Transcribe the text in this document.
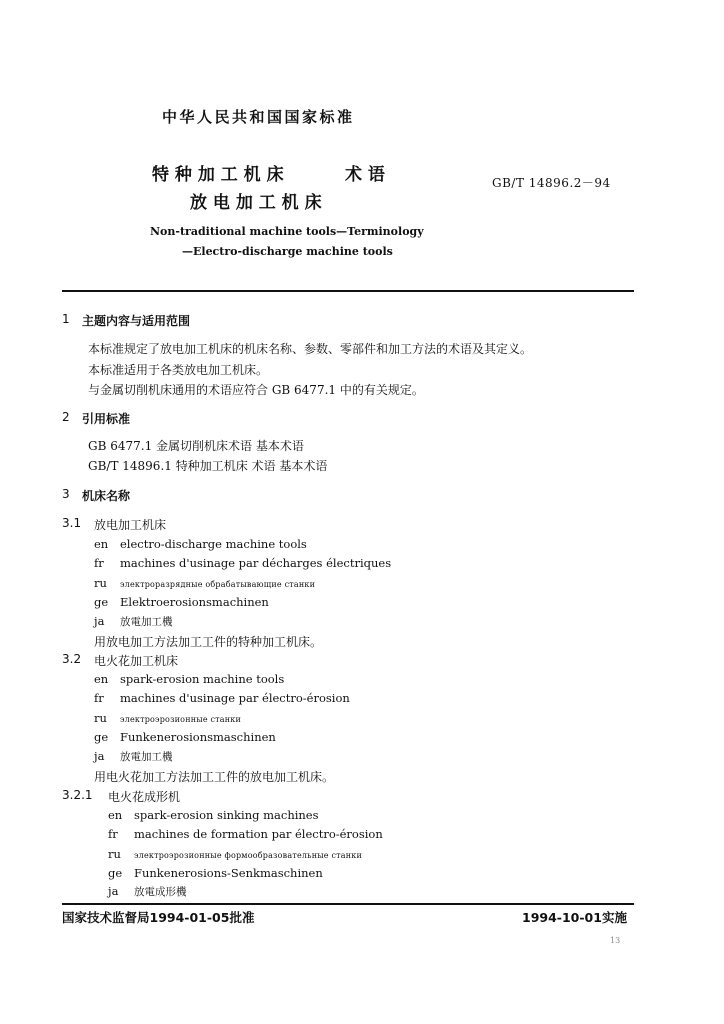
中华人民共和国国家标准
特 种 加 工 机 床	术 语
放 电 加 工 机 床
GB/T 14896.2－94
Non-traditional machine tools—Terminology
—Electro-discharge machine tools
1 主题内容与适用范围
本标准规定了放电加工机床的机床名称、参数、零部件和加工方法的术语及其定义。
本标准适用于各类放电加工机床。
与金属切削机床通用的术语应符合 GB 6477.1 中的有关规定。
2 引用标准
GB 6477.1 金属切削机床术语 基本术语
GB/T 14896.1 特种加工机床 术语 基本术语
3 机床名称
3.1 放电加工机床
en electro-discharge machine tools
fr machines d'usinage par décharges électriques
ru электроразрядные обрабатывающие станки
ge Elektroerosionsmachinen
ja 放電加工機
用放电加工方法加工工件的特种加工机床。
3.2 电火花加工机床
en spark-erosion machine tools
fr machines d'usinage par électro-érosion
ru электроэрозионные станки
ge Funkenerosionsmaschinen
ja 放電加工機
用电火花加工方法加工工件的放电加工机床。
3.2.1 电火花成形机
en spark-erosion sinking machines
fr machines de formation par électro-érosion
ru электроэрозионные формообразовательные станки
ge Funkenerosions-Senkmaschinen
ja 放電成形機
国家技术监督局1994-01-05批准	1994-10-01实施
13
